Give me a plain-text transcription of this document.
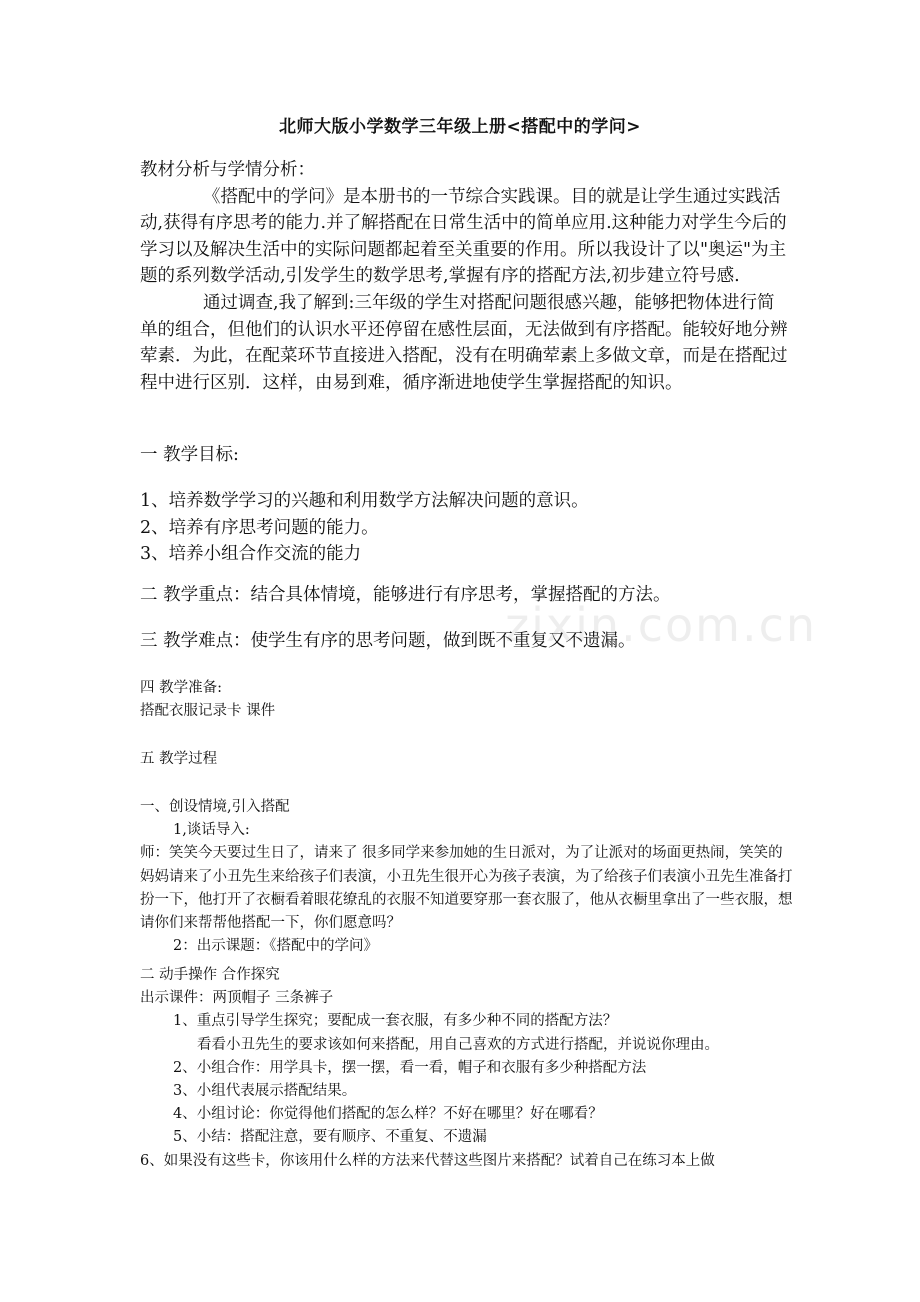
北师大版小学数学三年级上册<搭配中的学问>

教材分析与学情分析：

《搭配中的学问》是本册书的一节综合实践课。目的就是让学生通过实践活动,获得有序思考的能力.并了解搭配在日常生活中的简单应用.这种能力对学生今后的学习以及解决生活中的实际问题都起着至关重要的作用。所以我设计了以"奥运"为主题的系列数学活动,引发学生的数学思考,掌握有序的搭配方法,初步建立符号感.

通过调查,我了解到:三年级的学生对搭配问题很感兴趣，能够把物体进行简单的组合，但他们的认识水平还停留在感性层面，无法做到有序搭配。能较好地分辨荤素．为此，在配菜环节直接进入搭配，没有在明确荤素上多做文章，而是在搭配过程中进行区别．这样，由易到难，循序渐进地使学生掌握搭配的知识。

一 教学目标:

1、培养数学学习的兴趣和利用数学方法解决问题的意识。

2、培养有序思考问题的能力。

3、培养小组合作交流的能力

二 教学重点：结合具体情境，能够进行有序思考，掌握搭配的方法。
三 教学难点：使学生有序的思考问题，做到既不重复又不遗漏。

四 教学准备:

搭配衣服记录卡 课件

五 教学过程

一、创设情境,引入搭配

1,谈话导入:

师：笑笑今天要过生日了，请来了 很多同学来参加她的生日派对，为了让派对的场面更热闹，笑笑的妈妈请来了小丑先生来给孩子们表演，小丑先生很开心为孩子表演，为了给孩子们表演小丑先生准备打扮一下，他打开了衣橱看着眼花缭乱的衣服不知道要穿那一套衣服了，他从衣橱里拿出了一些衣服，想请你们来帮帮他搭配一下，你们愿意吗？

2：出示课题：《搭配中的学问》

二 动手操作 合作探究

出示课件：两顶帽子 三条裤子

1、重点引导学生探究；要配成一套衣服，有多少种不同的搭配方法？

看看小丑先生的要求该如何来搭配，用自己喜欢的方式进行搭配，并说说你理由。

2、小组合作：用学具卡，摆一摆，看一看，帽子和衣服有多少种搭配方法

3、小组代表展示搭配结果。

4、小组讨论：你觉得他们搭配的怎么样？不好在哪里？好在哪看？

5、小结：搭配注意，要有顺序、不重复、不遗漏

6、如果没有这些卡，你该用什么样的方法来代替这些图片来搭配？试着自己在练习本上做

zixin.com.cn
